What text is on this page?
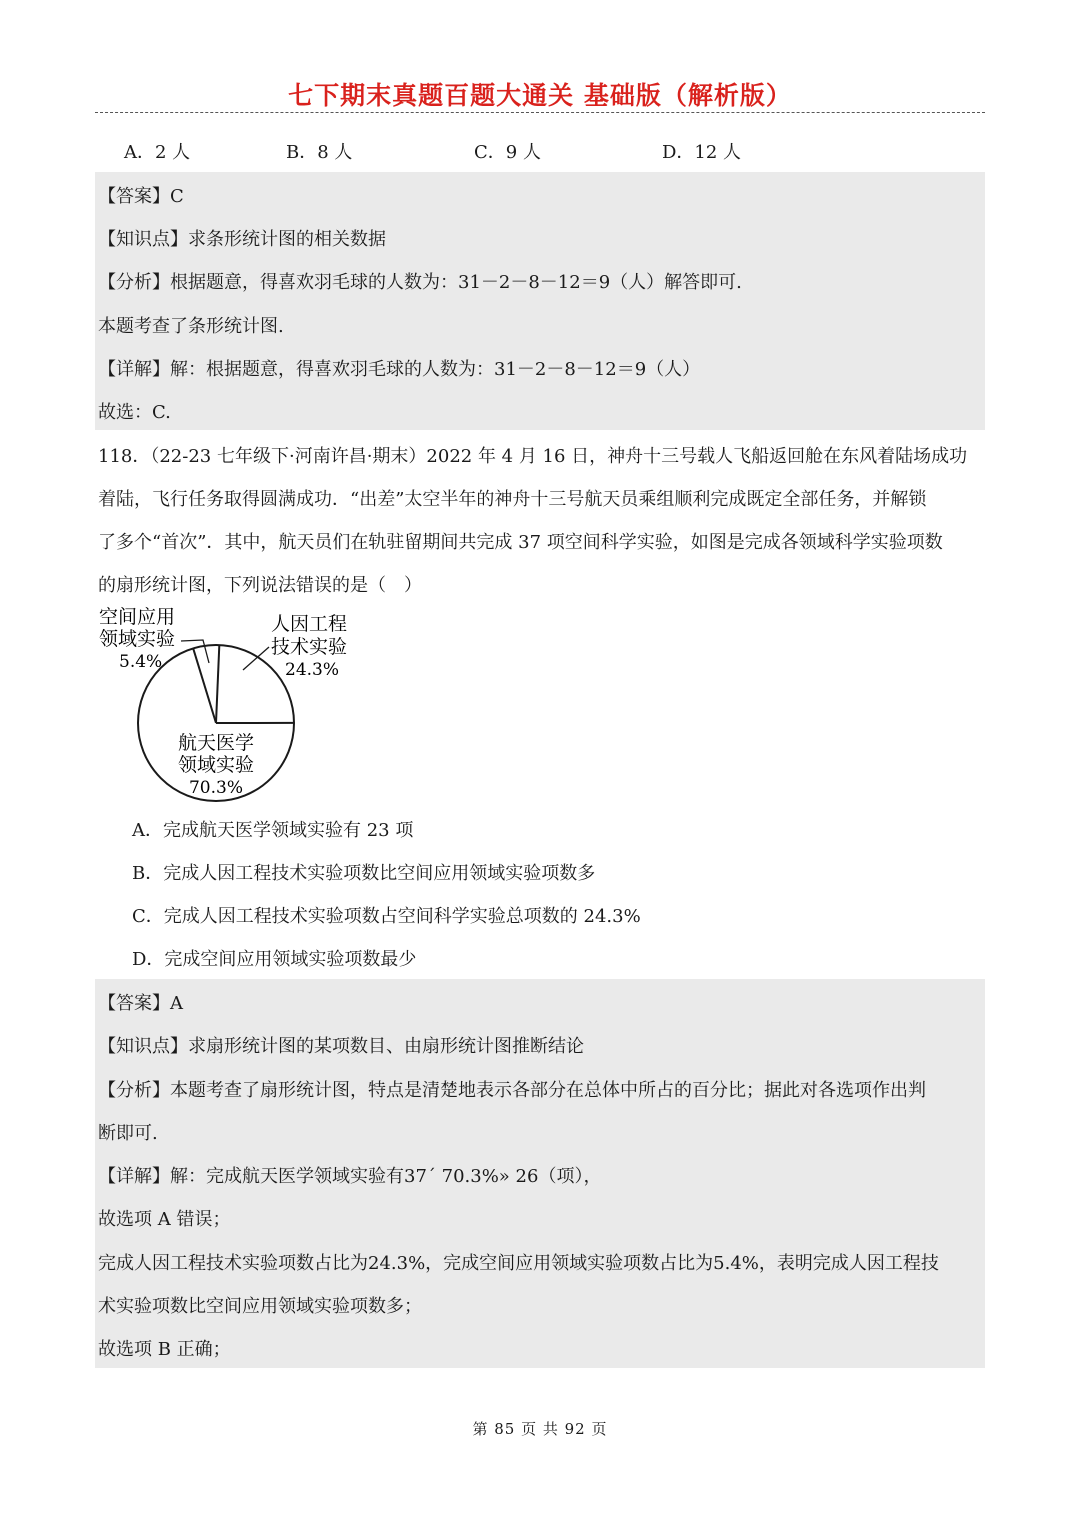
七下期末真题百题大通关 基础版（解析版）
A．2 人	B．8 人	C．9 人	D．12 人
【答案】C
【知识点】求条形统计图的相关数据
【分析】根据题意，得喜欢羽毛球的人数为：31－2－8－12＝9（人）解答即可.
本题考查了条形统计图.
【详解】解：根据题意，得喜欢羽毛球的人数为：31－2－8－12＝9（人）
故选：C.
118．（22-23 七年级下·河南许昌·期末）2022 年 4 月 16 日，神舟十三号载人飞船返回舱在东风着陆场成功
着陆，飞行任务取得圆满成功．“出差”太空半年的神舟十三号航天员乘组顺利完成既定全部任务，并解锁
了多个“首次”．其中，航天员们在轨驻留期间共完成 37 项空间科学实验，如图是完成各领域科学实验项数
的扇形统计图，下列说法错误的是（　）
空间应用
领域实验
5.4%
人因工程
技术实验
24.3%
航天医学
领域实验
70.3%
A．完成航天医学领域实验有 23 项
B．完成人因工程技术实验项数比空间应用领域实验项数多
C．完成人因工程技术实验项数占空间科学实验总项数的 24.3%
D．完成空间应用领域实验项数最少
【答案】A
【知识点】求扇形统计图的某项数目、由扇形统计图推断结论
【分析】本题考查了扇形统计图，特点是清楚地表示各部分在总体中所占的百分比；据此对各选项作出判
断即可.
【详解】解：完成航天医学领域实验有37´ 70.3%» 26（项），
故选项 A 错误；
完成人因工程技术实验项数占比为24.3%，完成空间应用领域实验项数占比为5.4%，表明完成人因工程技
术实验项数比空间应用领域实验项数多；
故选项 B 正确；
第 85 页 共 92 页
